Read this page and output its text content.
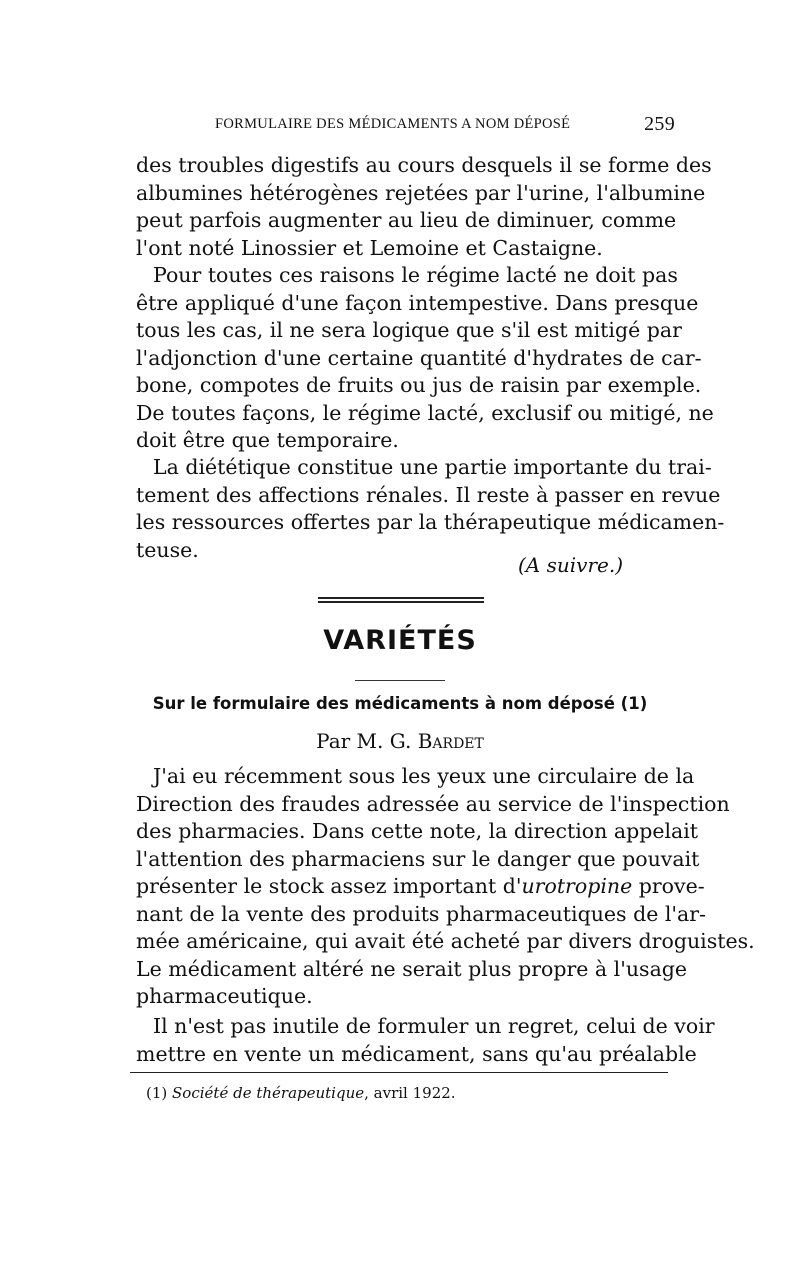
FORMULAIRE DES MÉDICAMENTS A NOM DÉPOSÉ	259

des troubles digestifs au cours desquels il se forme des
albumines hétérogènes rejetées par l'urine, l'albumine
peut parfois augmenter au lieu de diminuer, comme
l'ont noté Linossier et Lemoine et Castaigne.

Pour toutes ces raisons le régime lacté ne doit pas
être appliqué d'une façon intempestive. Dans presque
tous les cas, il ne sera logique que s'il est mitigé par
l'adjonction d'une certaine quantité d'hydrates de car-
bone, compotes de fruits ou jus de raisin par exemple.
De toutes façons, le régime lacté, exclusif ou mitigé, ne
doit être que temporaire.

La diététique constitue une partie importante du trai-
tement des affections rénales. Il reste à passer en revue
les ressources offertes par la thérapeutique médicamen-
teuse.

(A suivre.)
VARIÉTÉS
Sur le formulaire des médicaments à nom déposé (1)
Par M. G. Bardet

J'ai eu récemment sous les yeux une circulaire de la
Direction des fraudes adressée au service de l'inspection
des pharmacies. Dans cette note, la direction appelait
l'attention des pharmaciens sur le danger que pouvait
présenter le stock assez important d'urotropine prove-
nant de la vente des produits pharmaceutiques de l'ar-
mée américaine, qui avait été acheté par divers droguistes.
Le médicament altéré ne serait plus propre à l'usage
pharmaceutique.

Il n'est pas inutile de formuler un regret, celui de voir
mettre en vente un médicament, sans qu'au préalable

(1) Société de thérapeutique, avril 1922.
